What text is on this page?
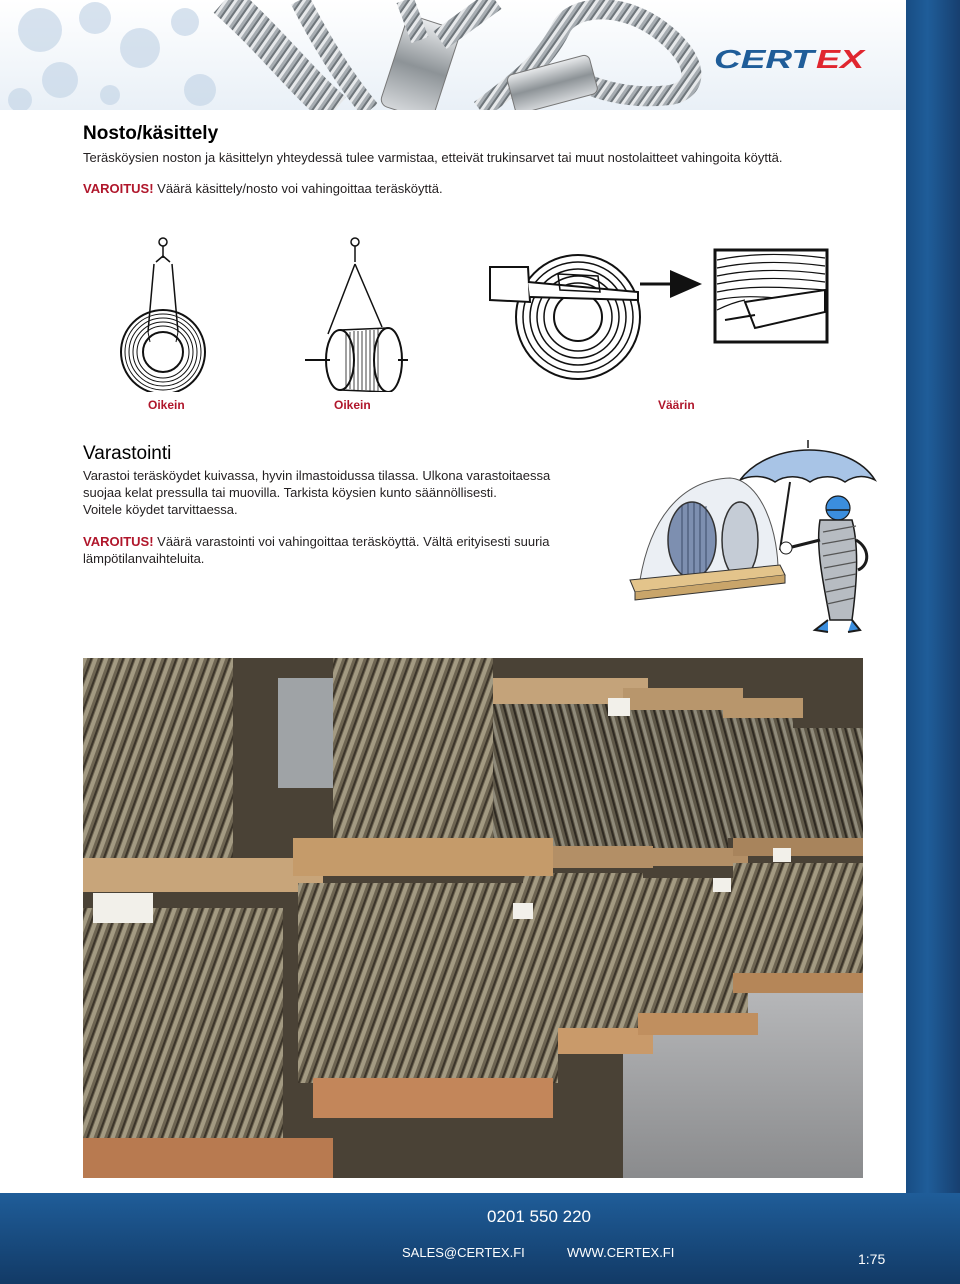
CERT
EX
Nosto/käsittely
Teräsköysien noston ja käsittelyn yhteydessä tulee varmistaa, etteivät trukinsarvet tai muut nostolaitteet vahingoita köyttä.
VAROITUS! Väärä käsittely/nosto voi vahingoittaa teräsköyttä.
Oikein	Oikein	Väärin
Varastointi
Varastoi teräsköydet kuivassa, hyvin ilmastoidussa tilassa. Ulkona varastoitaessa
suojaa kelat pressulla tai muovilla. Tarkista köysien kunto säännöllisesti.
Voitele köydet tarvittaessa.
VAROITUS! Väärä varastointi voi vahingoittaa teräsköyttä. Vältä erityisesti suuria
lämpötilanvaihteluita.
0201 550 220
SALES@CERTEX.FI	WWW.CERTEX.FI	1:75
